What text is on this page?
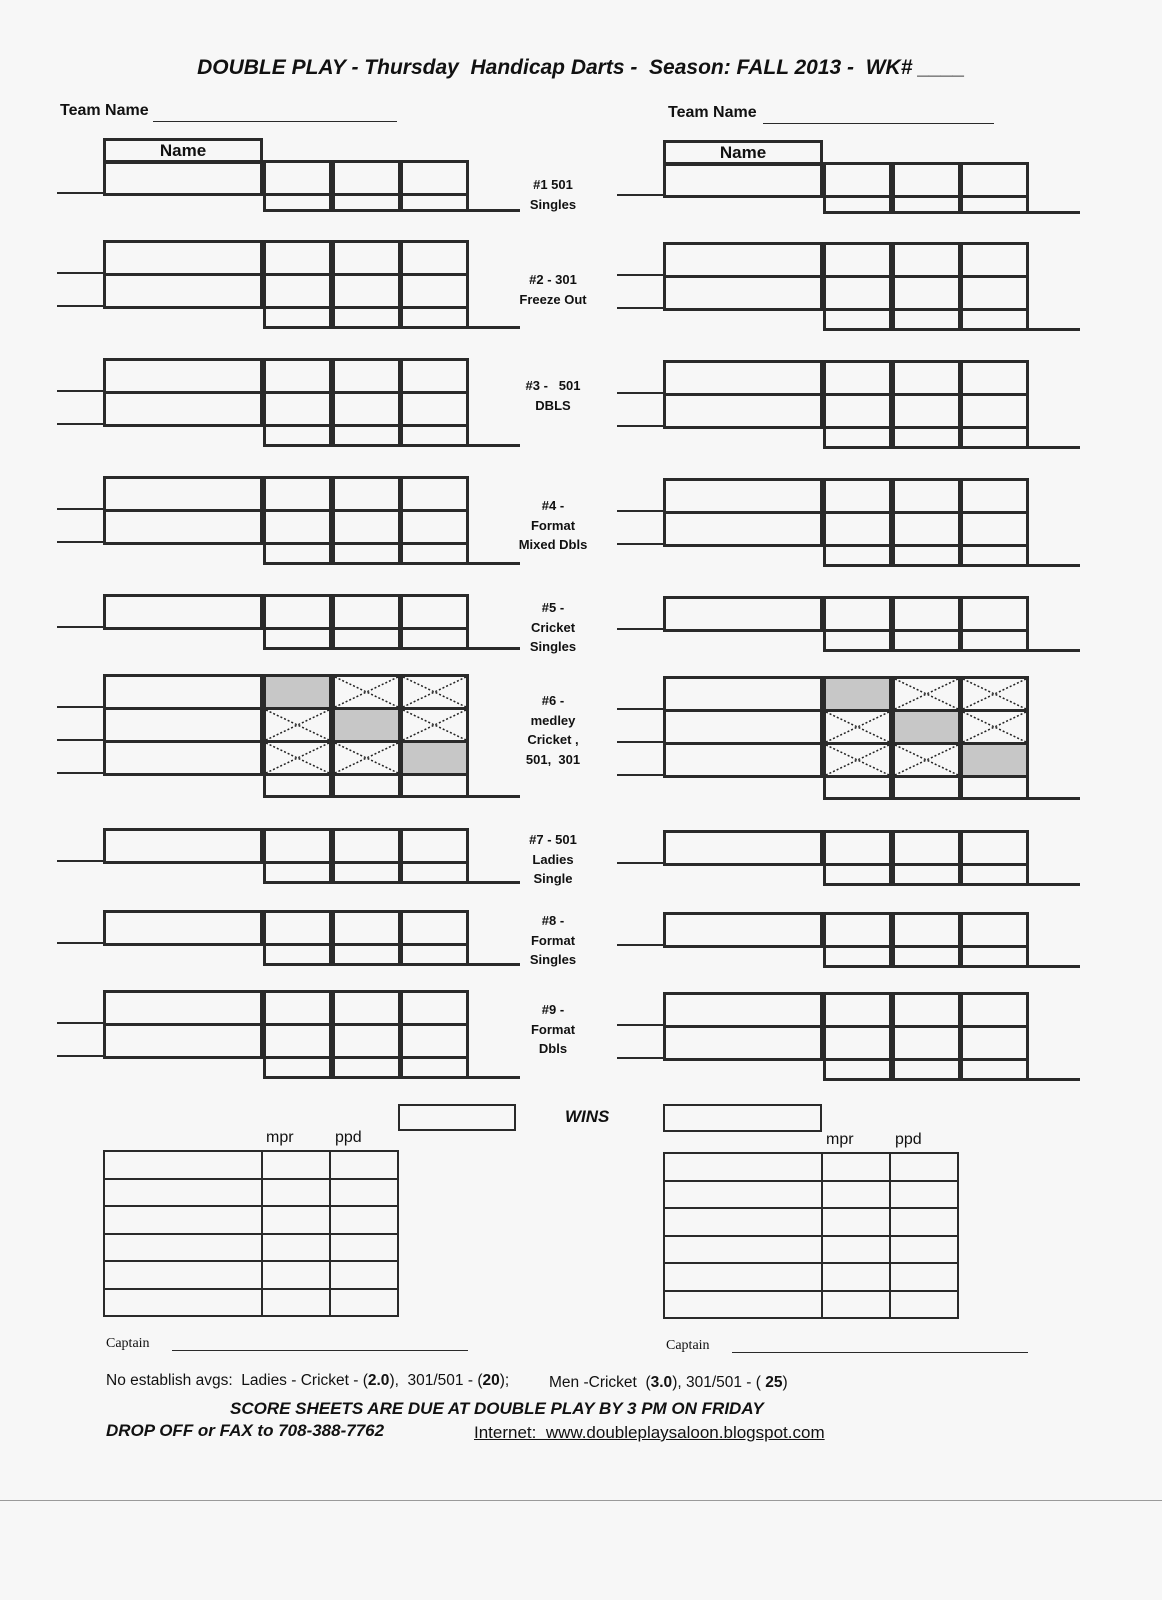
DOUBLE PLAY - Thursday  Handicap Darts -  Season: FALL 2013 -  WK# ____
Team Name	Team Name
Name	Name
#1 501
Singles
#2 - 301
Freeze Out
#3 -   501
DBLS
#4 -
Format
Mixed Dbls
#5 -
Cricket
Singles
#6 -
medley
Cricket ,
501,  301
#7 - 501
Ladies
Single
#8 -
Format
Singles
#9 -
Format
Dbls
mpr	ppd	mpr	ppd
WINS
Captain	Captain
No establish avgs:  Ladies - Cricket - (2.0),  301/501 - (20);	Men -Cricket  (3.0), 301/501 - ( 25)
SCORE SHEETS ARE DUE AT DOUBLE PLAY BY 3 PM ON FRIDAY
DROP OFF or FAX to 708-388-7762	Internet:  www.doubleplaysaloon.blogspot.com
